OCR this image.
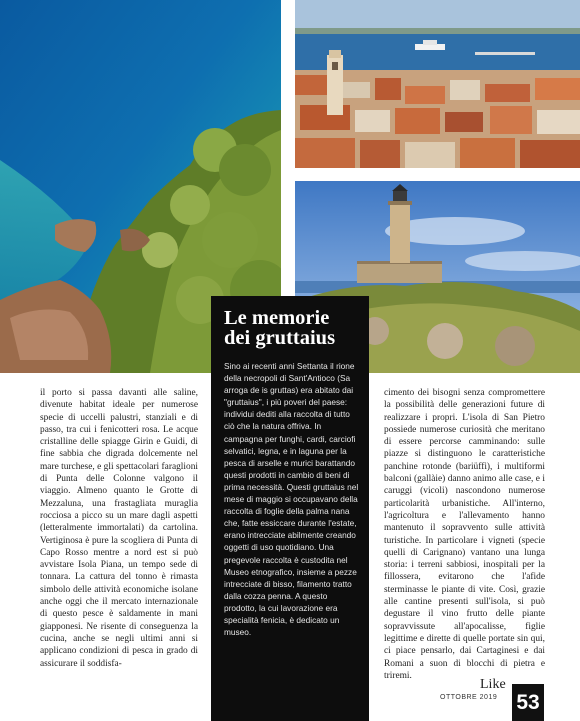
Le memorie dei gruttaius

Sino ai recenti anni Settanta il rione della necropoli di Sant'Antioco (Sa arroga de is gruttas) era abitato dai "gruttaius", i più poveri del paese: individui dediti alla raccolta di tutto ciò che la natura offriva. In campagna per funghi, cardi, carciofi selvatici, legna, e in laguna per la pesca di arselle e murici barattando questi prodotti in cambio di beni di prima necessità. Questi gruttaius nel mese di maggio si occupavano della raccolta di foglie della palma nana che, fatte essiccare durante l'estate, erano intrecciate abilmente creando oggetti di uso quotidiano. Una pregevole raccolta è custodita nel Museo etnografico, insieme a pezze intrecciate di bisso, filamento tratto dalla cozza penna. A questo prodotto, la cui lavorazione era specialità fenicia, è dedicato un museo.

il porto si passa davanti alle saline, divenute habitat ideale per numerose specie di uccelli palustri, stanziali e di passo, tra cui i fenicotteri rosa. Le acque cristalline delle spiagge Girin e Guidi, di fine sabbia che digrada dolcemente nel mare turchese, e gli spettacolari faraglioni di Punta delle Colonne valgono il viaggio. Almeno quanto le Grotte di Mezzaluna, una frastagliata muraglia rocciosa a picco su un mare dagli aspetti (letteralmente immortalati) da cartolina. Vertiginosa è pure la scogliera di Punta di Capo Rosso mentre a nord est si può avvistare Isola Piana, un tempo sede di tonnara. La cattura del tonno è rimasta simbolo delle attività economiche isolane anche oggi che il mercato internazionale di questo pesce è saldamente in mani giapponesi. Ne risente di conseguenza la cucina, anche se negli ultimi anni si applicano condizioni di pesca in grado di assicurare il soddisfa-

cimento dei bisogni senza compromettere la possibilità delle generazioni future di realizzare i propri. L'isola di San Pietro possiede numerose curiosità che meritano di essere percorse camminando: sulle piazze si distinguono le caratteristiche panchine rotonde (bariüffi), i multiformi balconi (gallàie) danno animo alle case, e i caruggi (vicoli) nascondono numerose particolarità urbanistiche. All'interno, l'agricoltura e l'allevamento hanno mantenuto il sopravvento sulle attività turistiche. In particolare i vigneti (specie quelli di Carignano) vantano una lunga storia: i terreni sabbiosi, inospitali per la fillossera, evitarono che l'afide sterminasse le piante di vite. Così, grazie alle cantine presenti sull'isola, si può degustare il vino frutto delle piante sopravvissute all'apocalisse, figlie legittime e dirette di quelle portate sin qui, ci piace pensarlo, dai Cartaginesi e dai Romani a suon di blocchi di pietra e triremi.

Like
OTTOBRE 2019 53
